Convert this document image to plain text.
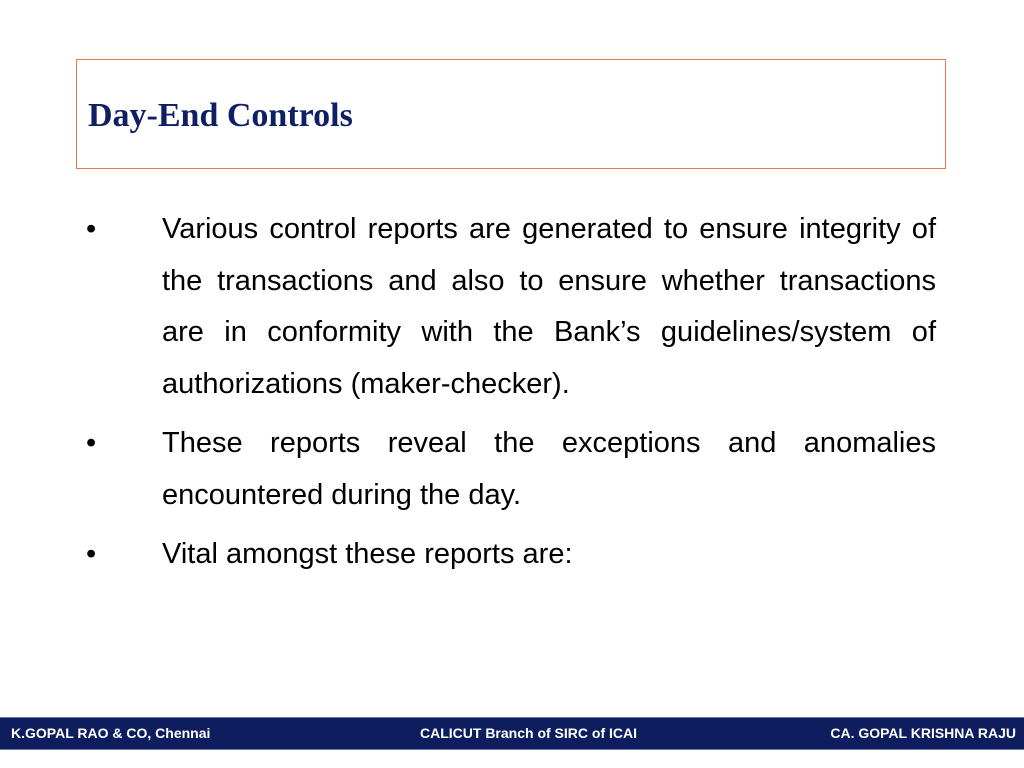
Day-End Controls
• Various control reports are generated to ensure integrity of the transactions and also to ensure whether transactions are in conformity with the Bank’s guidelines/system of authorizations (maker-checker).
• These reports reveal the exceptions and anomalies encountered during the day.
• Vital amongst these reports are:
K.GOPAL RAO & CO, Chennai	CALICUT Branch of SIRC of ICAI	CA. GOPAL KRISHNA RAJU
